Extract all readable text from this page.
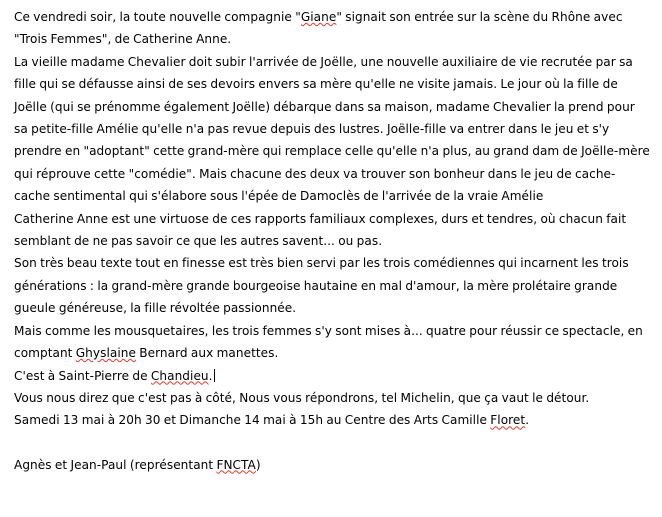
Ce vendredi soir, la toute nouvelle compagnie "Giane" signait son entrée sur la scène du Rhône avec "Trois Femmes", de Catherine Anne.

La vieille madame Chevalier doit subir l'arrivée de Joëlle, une nouvelle auxiliaire de vie recrutée par sa fille qui se défausse ainsi de ses devoirs envers sa mère qu'elle ne visite jamais. Le jour où la fille de Joëlle (qui se prénomme également Joëlle) débarque dans sa maison, madame Chevalier la prend pour sa petite-fille Amélie qu'elle n'a pas revue depuis des lustres. Joëlle-fille va entrer dans le jeu et s'y prendre en "adoptant" cette grand-mère qui remplace celle qu'elle n'a plus, au grand dam de Joëlle-mère qui réprouve cette "comédie". Mais chacune des deux va trouver son bonheur dans le jeu de cache-cache sentimental qui s'élabore sous l'épée de Damoclès de l'arrivée de la vraie Amélie

Catherine Anne est une virtuose de ces rapports familiaux complexes, durs et tendres, où chacun fait semblant de ne pas savoir ce que les autres savent... ou pas.

Son très beau texte tout en finesse est très bien servi par les trois comédiennes qui incarnent les trois générations : la grand-mère grande bourgeoise hautaine en mal d'amour, la mère prolétaire grande gueule généreuse, la fille révoltée passionnée.

Mais comme les mousquetaires, les trois femmes s'y sont mises à... quatre pour réussir ce spectacle, en comptant Ghyslaine Bernard aux manettes.

C'est à Saint-Pierre de Chandieu.

Vous nous direz que c'est pas à côté, Nous vous répondrons, tel Michelin, que ça vaut le détour.

Samedi 13 mai à 20h 30 et Dimanche 14 mai à 15h au Centre des Arts Camille Floret.

Agnès et Jean-Paul (représentant FNCTA)
